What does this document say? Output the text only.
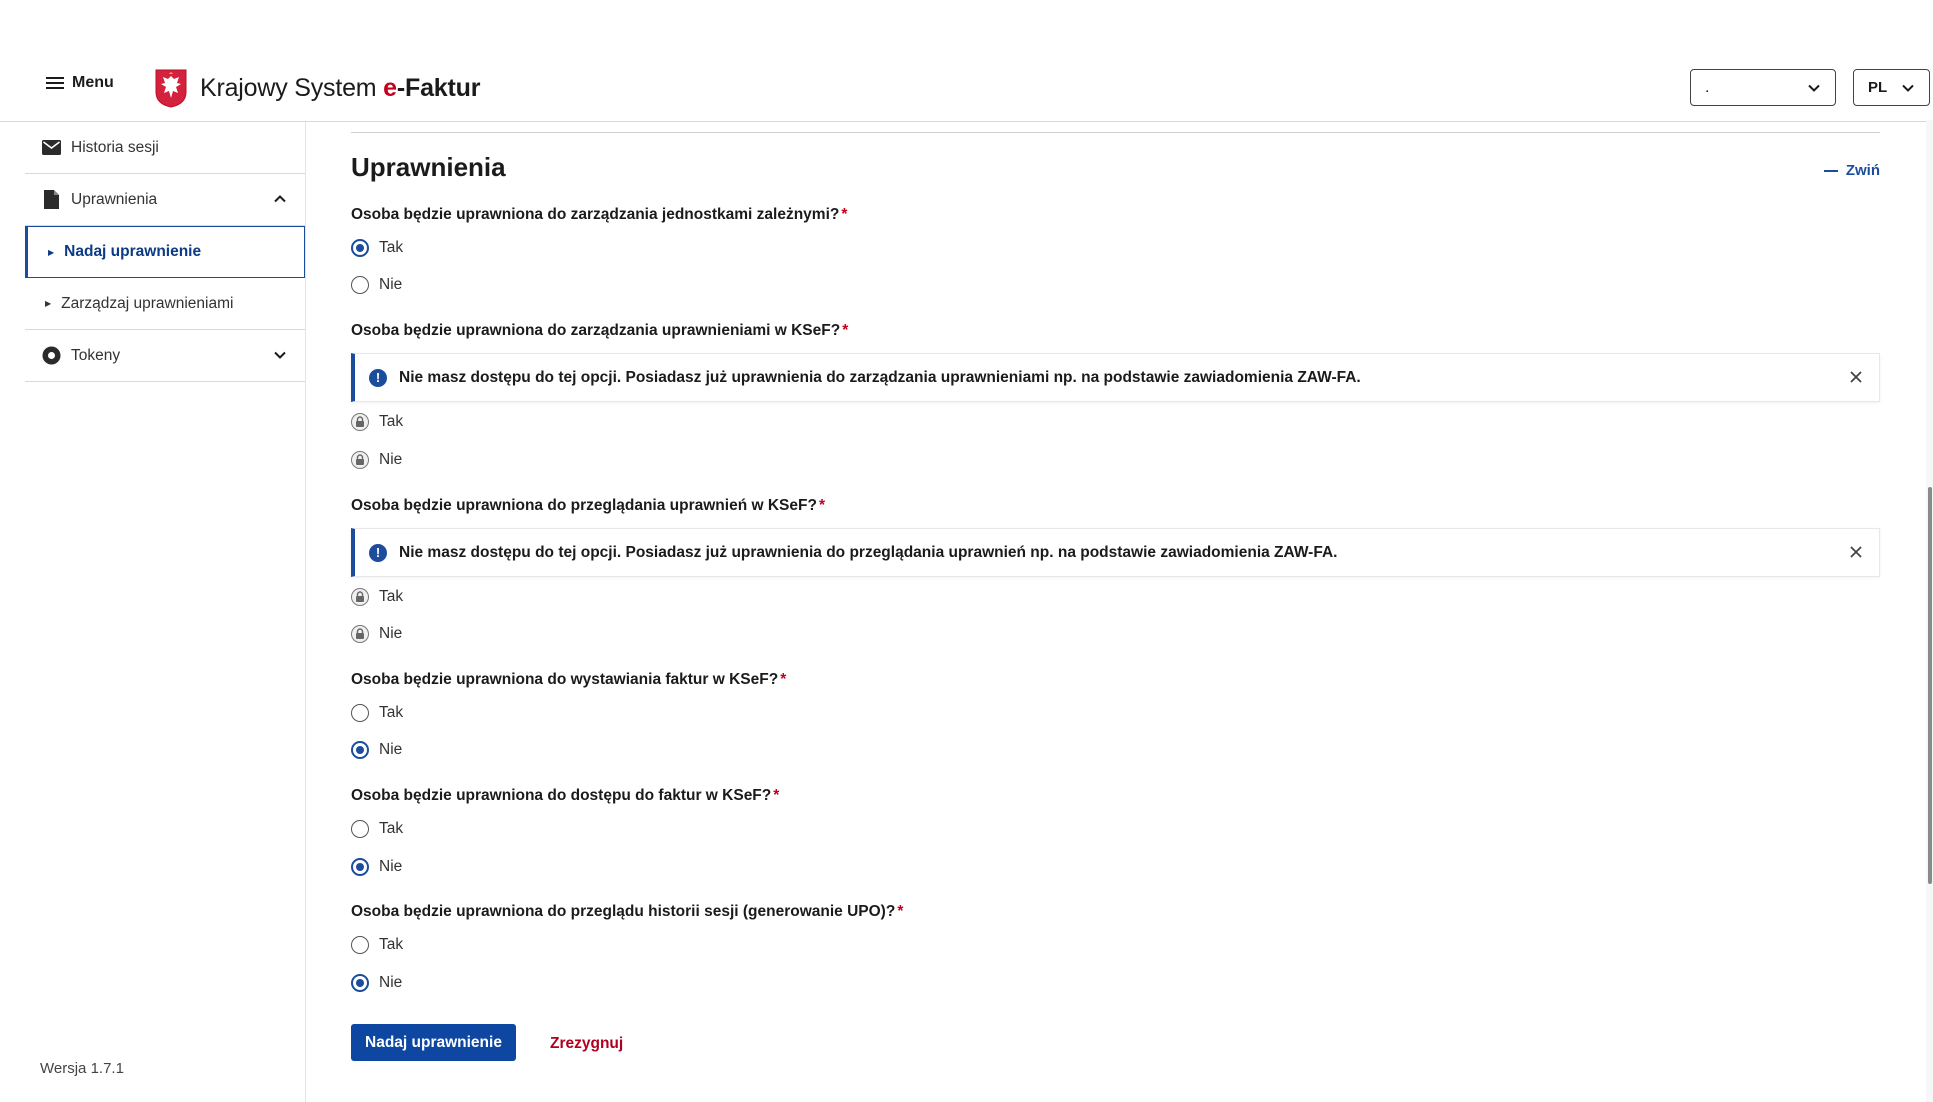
Menu	Krajowy System e-Faktur	.	PL
Historia sesji
Uprawnienia
▶ Nadaj uprawnienie
▶ Zarządzaj uprawnieniami
Tokeny
Wersja 1.7.1
Uprawnienia	Zwiń
Osoba będzie uprawniona do zarządzania jednostkami zależnymi? *
Tak
Nie
Osoba będzie uprawniona do zarządzania uprawnieniami w KSeF? *
!	Nie masz dostępu do tej opcji. Posiadasz już uprawnienia do zarządzania uprawnieniami np. na podstawie zawiadomienia ZAW-FA.
Tak
Nie
Osoba będzie uprawniona do przeglądania uprawnień w KSeF? *
!	Nie masz dostępu do tej opcji. Posiadasz już uprawnienia do przeglądania uprawnień np. na podstawie zawiadomienia ZAW-FA.
Tak
Nie
Osoba będzie uprawniona do wystawiania faktur w KSeF? *
Tak
Nie
Osoba będzie uprawniona do dostępu do faktur w KSeF? *
Tak
Nie
Osoba będzie uprawniona do przeglądu historii sesji (generowanie UPO)? *
Tak
Nie
Nadaj uprawnienie	Zrezygnuj
